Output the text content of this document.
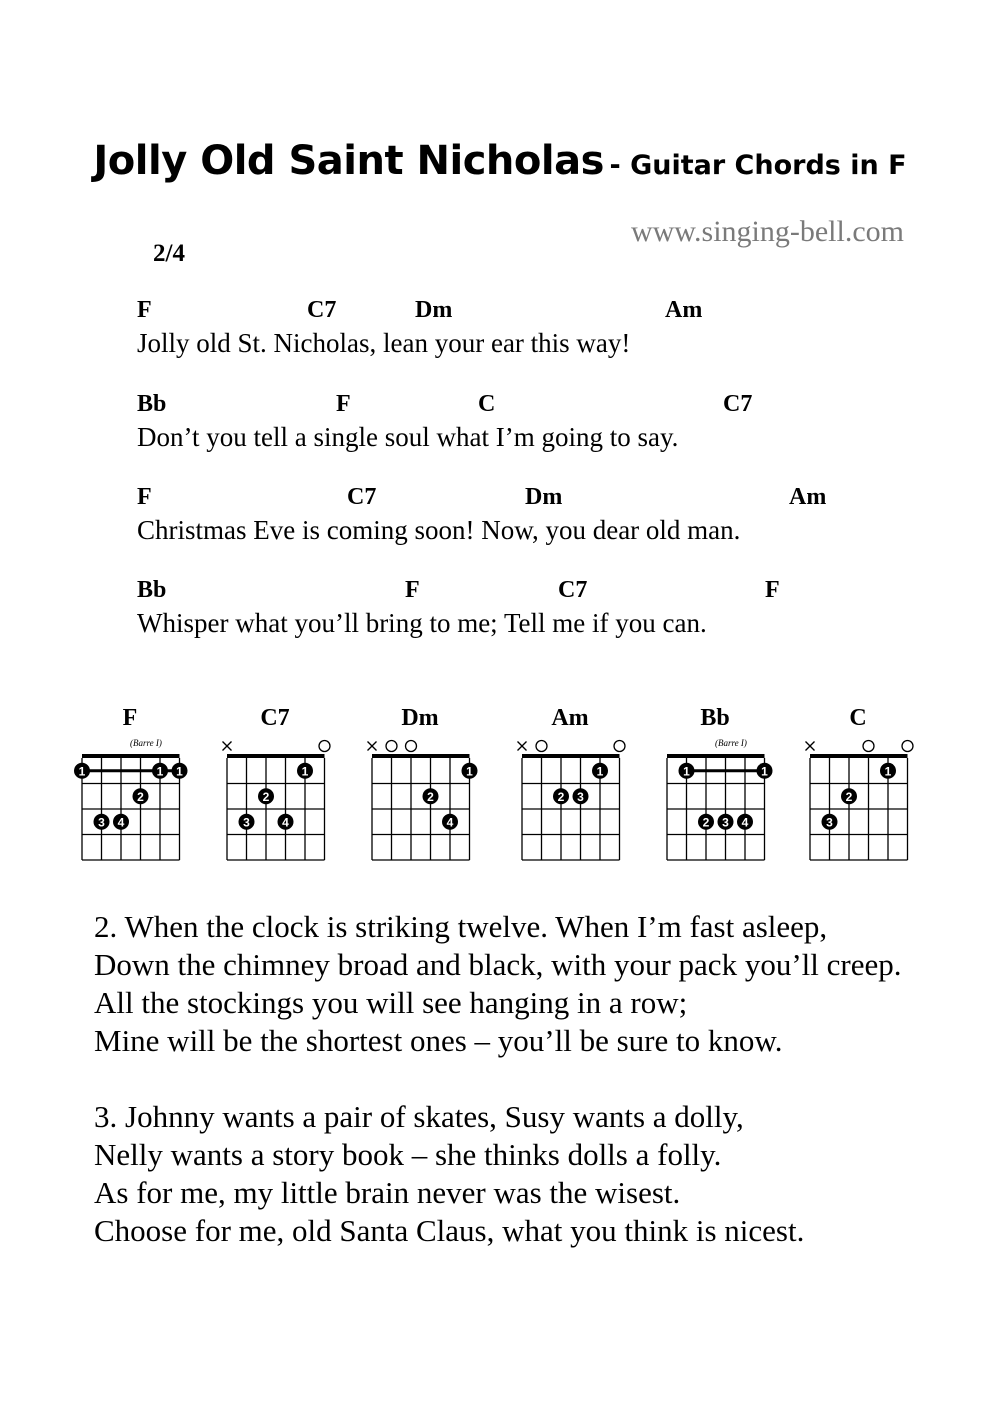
Jolly Old Saint Nicholas - Guitar Chords in F
www.singing-bell.com
2/4
F	C7	Dm	Am
Jolly old St. Nicholas, lean your ear this way!
Bb	F	C	C7
Don’t you tell a single soul what I’m going to say.
F	C7	Dm	Am
Christmas Eve is coming soon! Now, you dear old man.
Bb	F	C7	F
Whisper what you’ll bring to me; Tell me if you can.
F
(Barre I)
1	1 1
2
3 4
C7
1
2
3	4
Dm
1
2
4
Am
1
2 3
Bb
(Barre I)
1	1
2 3 4
C
1
2
3
2. When the clock is striking twelve. When I’m fast asleep,
Down the chimney broad and black, with your pack you’ll creep.
All the stockings you will see hanging in a row;
Mine will be the shortest ones – you’ll be sure to know.
3. Johnny wants a pair of skates, Susy wants a dolly,
Nelly wants a story book – she thinks dolls a folly.
As for me, my little brain never was the wisest.
Choose for me, old Santa Claus, what you think is nicest.
